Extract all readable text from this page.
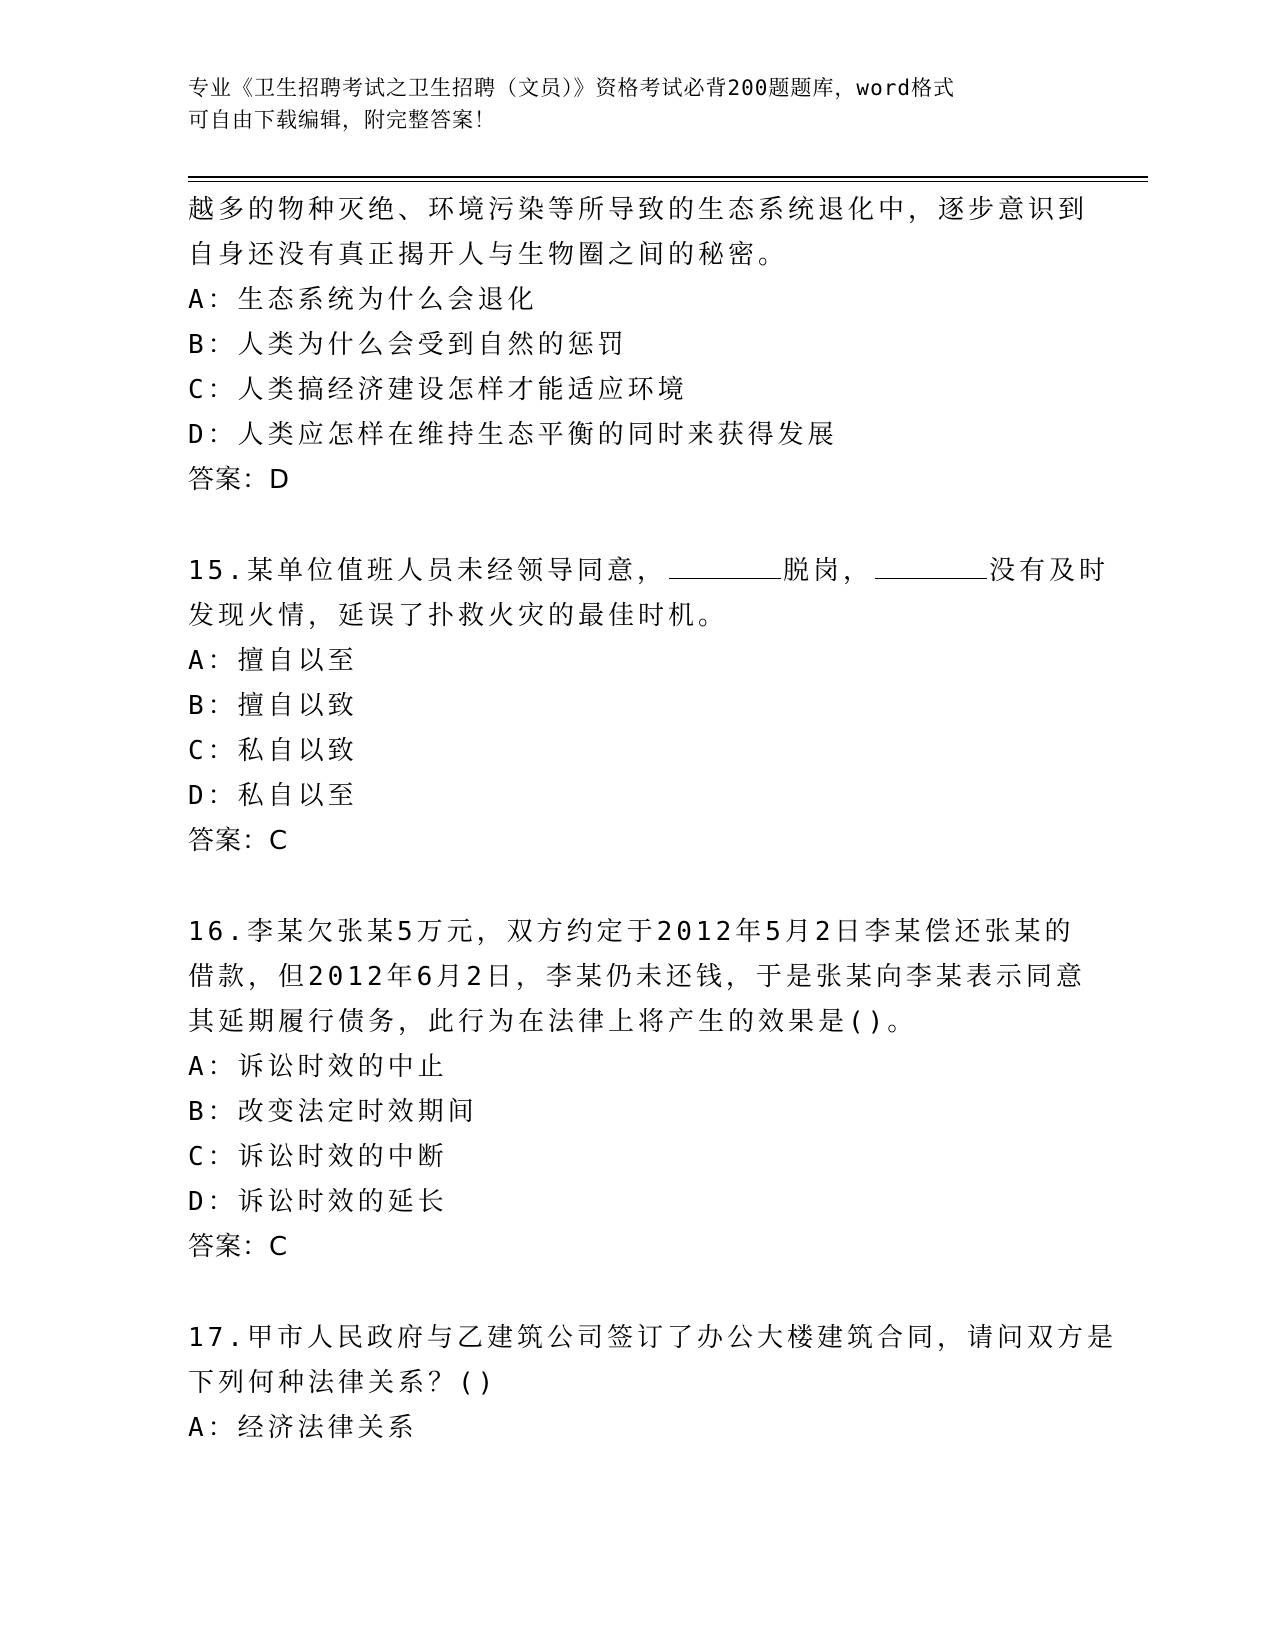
专业《卫生招聘考试之卫生招聘（文员）》资格考试必背200题题库，word格式
可自由下载编辑，附完整答案！
越多的物种灭绝、环境污染等所导致的生态系统退化中，逐步意识到
自身还没有真正揭开人与生物圈之间的秘密。
A：生态系统为什么会退化
B：人类为什么会受到自然的惩罚
C：人类搞经济建设怎样才能适应环境
D：人类应怎样在维持生态平衡的同时来获得发展
答案：D
15.某单位值班人员未经领导同意，	脱岗，	没有及时
发现火情，延误了扑救火灾的最佳时机。
A：擅自以至
B：擅自以致
C：私自以致
D：私自以至
答案：C
16.李某欠张某5万元，双方约定于2012年5月2日李某偿还张某的
借款，但2012年6月2日，李某仍未还钱，于是张某向李某表示同意
其延期履行债务，此行为在法律上将产生的效果是()。
A：诉讼时效的中止
B：改变法定时效期间
C：诉讼时效的中断
D：诉讼时效的延长
答案：C
17.甲市人民政府与乙建筑公司签订了办公大楼建筑合同，请问双方是
下列何种法律关系？()
A：经济法律关系
